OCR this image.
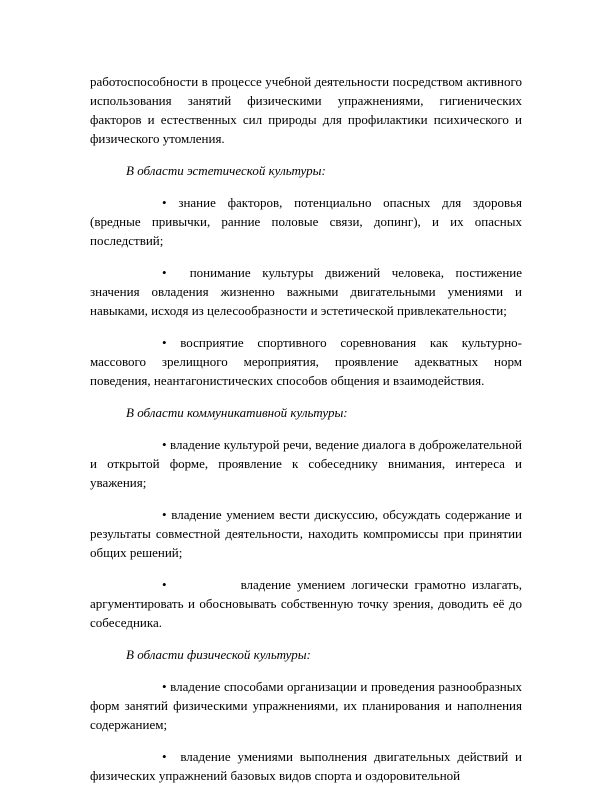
работоспособности в процессе учебной деятельности посредством активного использования занятий физическими упражнениями, гигиенических факторов и естественных сил природы для профилактики психического и физического утомления.

В области эстетической культуры:

• знание факторов, потенциально опасных для здоровья (вредные привычки, ранние половые связи, допинг), и их опасных последствий;

• понимание культуры движений человека, постижение значения овладения жизненно важными двигательными умениями и навыками, исходя из целесообразности и эстетической привлекательности;

• восприятие спортивного соревнования как культурно-массового зрелищного мероприятия, проявление адекватных норм поведения, неантагонистических способов общения и взаимодействия.

В области коммуникативной культуры:

• владение культурой речи, ведение диалога в доброжелательной и открытой форме, проявление к собеседнику внимания, интереса и уважения;

• владение умением вести дискуссию, обсуждать содержание и результаты совместной деятельности, находить компромиссы при принятии общих решений;

•	владение умением логически грамотно излагать, аргументировать и обосновывать собственную точку зрения, доводить её до собеседника.

В области физической культуры:

• владение способами организации и проведения разнообразных форм занятий физическими упражнениями, их планирования и наполнения содержанием;

• владение умениями выполнения двигательных действий и физических упражнений базовых видов спорта и оздоровительной
